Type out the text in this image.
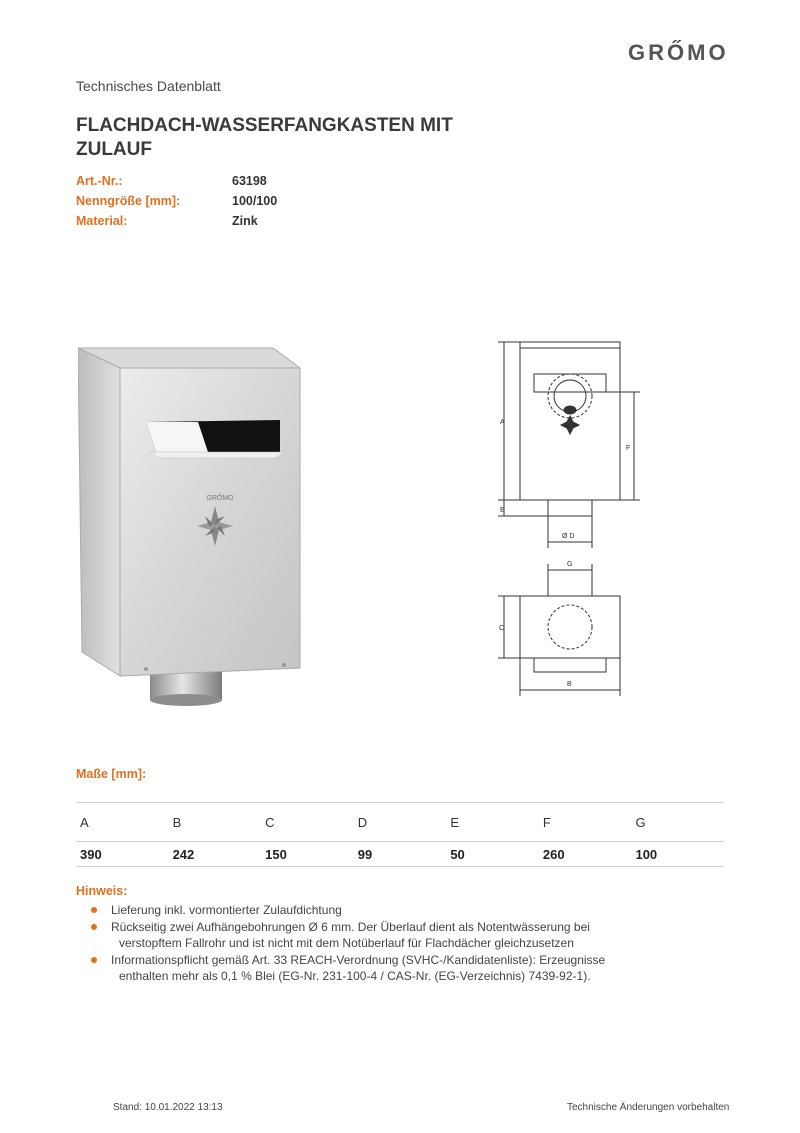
GRŐMO
Technisches Datenblatt
FLACHDACH-WASSERFANGKASTEN MIT
ZULAUF
Art.-Nr.:	63198
Nenngröße [mm]:	100/100
Material:	Zink
GRŐMO
A
E
F
Ø D
G
C
B
Maße [mm]:
A	B	C	D	E	F	G
390	242	150	99	50	260	100
Hinweis:
Lieferung inkl. vormontierter Zulaufdichtung
Rückseitig zwei Aufhängebohrungen Ø 6 mm. Der Überlauf dient als Notentwässerung bei
verstopftem Fallrohr und ist nicht mit dem Notüberlauf für Flachdächer gleichzusetzen
Informationspflicht gemäß Art. 33 REACH-Verordnung (SVHC-/Kandidatenliste): Erzeugnisse
enthalten mehr als 0,1 % Blei (EG-Nr. 231-100-4 / CAS-Nr. (EG-Verzeichnis) 7439-92-1).
Stand: 10.01.2022 13:13	Technische Änderungen vorbehalten
